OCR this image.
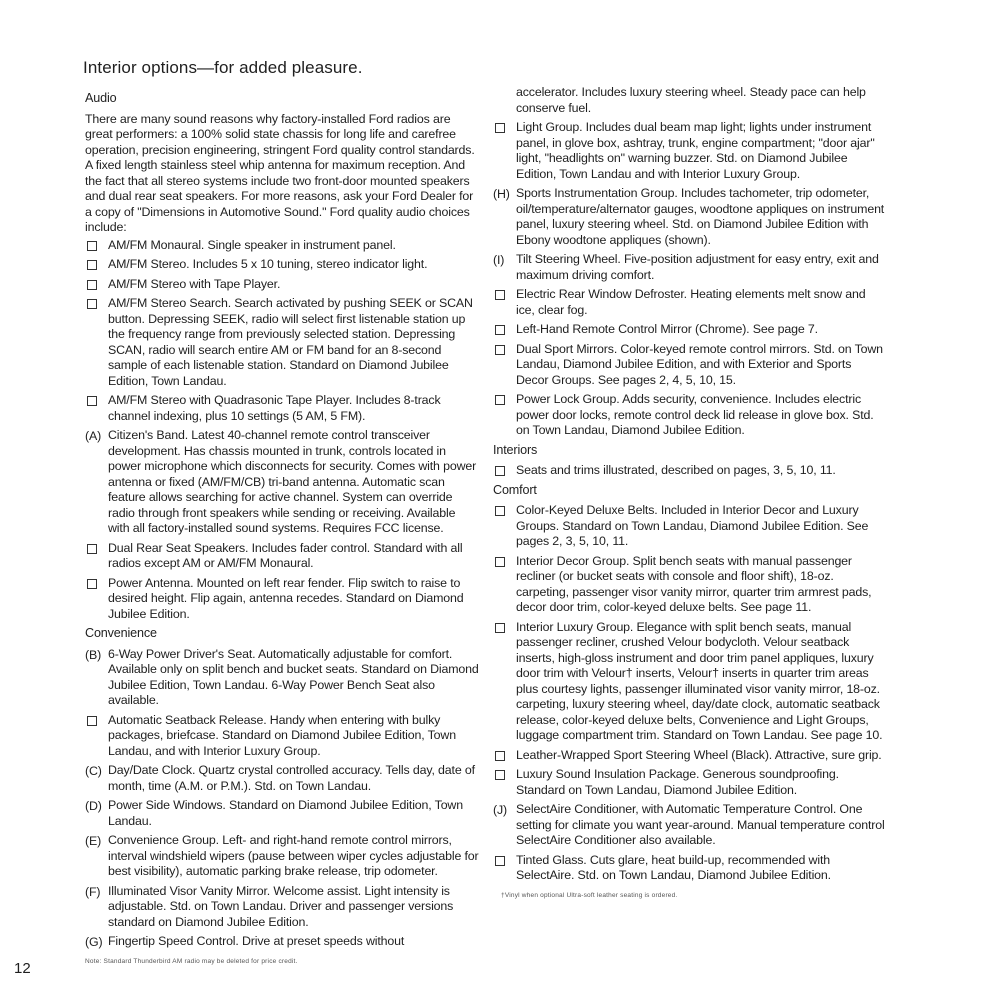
Interior options—for added pleasure.
Audio

There are many sound reasons why factory-installed Ford radios are great performers: a 100% solid state chassis for long life and carefree operation, precision engineering, stringent Ford quality control standards. A fixed length stainless steel whip antenna for maximum reception. And the fact that all stereo systems include two front-door mounted speakers and dual rear seat speakers. For more reasons, ask your Ford Dealer for a copy of "Dimensions in Automotive Sound." Ford quality audio choices include:

AM/FM Monaural. Single speaker in instrument panel.
AM/FM Stereo. Includes 5 x 10 tuning, stereo indicator light.
AM/FM Stereo with Tape Player.
AM/FM Stereo Search. Search activated by pushing SEEK or SCAN button. Depressing SEEK, radio will select first listenable station up the frequency range from previously selected station. Depressing SCAN, radio will search entire AM or FM band for an 8-second sample of each listenable station. Standard on Diamond Jubilee Edition, Town Landau.
AM/FM Stereo with Quadrasonic Tape Player. Includes 8-track channel indexing, plus 10 settings (5 AM, 5 FM).
(A) Citizen's Band. Latest 40-channel remote control transceiver development. Has chassis mounted in trunk, controls located in power microphone which disconnects for security. Comes with power antenna or fixed (AM/FM/CB) tri-band antenna. Automatic scan feature allows searching for active channel. System can override radio through front speakers while sending or receiving. Available with all factory-installed sound systems. Requires FCC license.
Dual Rear Seat Speakers. Includes fader control. Standard with all radios except AM or AM/FM Monaural.
Power Antenna. Mounted on left rear fender. Flip switch to raise to desired height. Flip again, antenna recedes. Standard on Diamond Jubilee Edition.
Convenience
(B) 6-Way Power Driver's Seat. Automatically adjustable for comfort. Available only on split bench and bucket seats. Standard on Diamond Jubilee Edition, Town Landau. 6-Way Power Bench Seat also available.
Automatic Seatback Release. Handy when entering with bulky packages, briefcase. Standard on Diamond Jubilee Edition, Town Landau, and with Interior Luxury Group.
(C) Day/Date Clock. Quartz crystal controlled accuracy. Tells day, date of month, time (A.M. or P.M.). Std. on Town Landau.
(D) Power Side Windows. Standard on Diamond Jubilee Edition, Town Landau.
(E) Convenience Group. Left- and right-hand remote control mirrors, interval windshield wipers (pause between wiper cycles adjustable for best visibility), automatic parking brake release, trip odometer.
(F) Illuminated Visor Vanity Mirror. Welcome assist. Light intensity is adjustable. Std. on Town Landau. Driver and passenger versions standard on Diamond Jubilee Edition.
(G) Fingertip Speed Control. Drive at preset speeds without
Note: Standard Thunderbird AM radio may be deleted for price credit.
accelerator. Includes luxury steering wheel. Steady pace can help conserve fuel.
Light Group. Includes dual beam map light; lights under instrument panel, in glove box, ashtray, trunk, engine compartment; "door ajar" light, "headlights on" warning buzzer. Std. on Diamond Jubilee Edition, Town Landau and with Interior Luxury Group.
(H) Sports Instrumentation Group. Includes tachometer, trip odometer, oil/temperature/alternator gauges, woodtone appliques on instrument panel, luxury steering wheel. Std. on Diamond Jubilee Edition with Ebony woodtone appliques (shown).
(I) Tilt Steering Wheel. Five-position adjustment for easy entry, exit and maximum driving comfort.
Electric Rear Window Defroster. Heating elements melt snow and ice, clear fog.
Left-Hand Remote Control Mirror (Chrome). See page 7.
Dual Sport Mirrors. Color-keyed remote control mirrors. Std. on Town Landau, Diamond Jubilee Edition, and with Exterior and Sports Decor Groups. See pages 2, 4, 5, 10, 15.
Power Lock Group. Adds security, convenience. Includes electric power door locks, remote control deck lid release in glove box. Std. on Town Landau, Diamond Jubilee Edition.
Interiors
Seats and trims illustrated, described on pages, 3, 5, 10, 11.
Comfort
Color-Keyed Deluxe Belts. Included in Interior Decor and Luxury Groups. Standard on Town Landau, Diamond Jubilee Edition. See pages 2, 3, 5, 10, 11.
Interior Decor Group. Split bench seats with manual passenger recliner (or bucket seats with console and floor shift), 18-oz. carpeting, passenger visor vanity mirror, quarter trim armrest pads, decor door trim, color-keyed deluxe belts. See page 11.
Interior Luxury Group. Elegance with split bench seats, manual passenger recliner, crushed Velour bodycloth. Velour seatback inserts, high-gloss instrument and door trim panel appliques, luxury door trim with Velour† inserts, Velour† inserts in quarter trim areas plus courtesy lights, passenger illuminated visor vanity mirror, 18-oz. carpeting, luxury steering wheel, day/date clock, automatic seatback release, color-keyed deluxe belts, Convenience and Light Groups, luggage compartment trim. Standard on Town Landau. See page 10.
Leather-Wrapped Sport Steering Wheel (Black). Attractive, sure grip.
Luxury Sound Insulation Package. Generous soundproofing. Standard on Town Landau, Diamond Jubilee Edition.
(J) SelectAire Conditioner, with Automatic Temperature Control. One setting for climate you want year-around. Manual temperature control SelectAire Conditioner also available.
Tinted Glass. Cuts glare, heat build-up, recommended with SelectAire. Std. on Town Landau, Diamond Jubilee Edition.
†Vinyl when optional Ultra-soft leather seating is ordered.
12
